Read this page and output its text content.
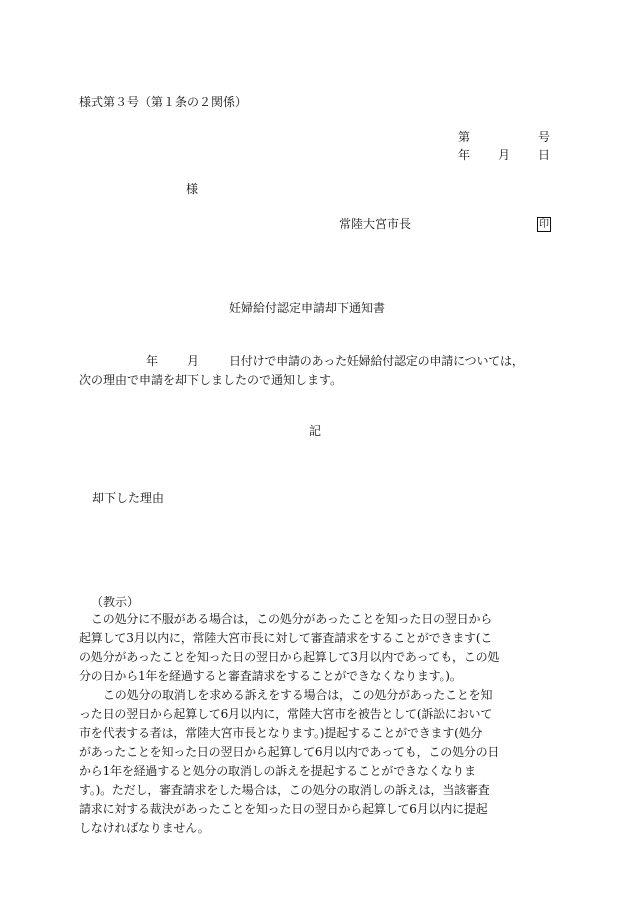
様式第３号（第１条の２関係）
第	号
年 月 日
様
常陸大宮市長	印
妊婦給付認定申請却下通知書
年 月 日付けで申請のあった妊婦給付認定の申請については，
次の理由で申請を却下しましたので通知します。
記
却下した理由
（教示）
この処分に不服がある場合は，この処分があったことを知った日の翌日から
起算して3月以内に，常陸大宮市長に対して審査請求をすることができます(こ
の処分があったことを知った日の翌日から起算して3月以内であっても，この処
分の日から1年を経過すると審査請求をすることができなくなります。)。
この処分の取消しを求める訴えをする場合は，この処分があったことを知
った日の翌日から起算して6月以内に，常陸大宮市を被告として(訴訟において
市を代表する者は，常陸大宮市長となります。)提起することができます(処分
があったことを知った日の翌日から起算して6月以内であっても，この処分の日
から1年を経過すると処分の取消しの訴えを提起することができなくなりま
す。)。ただし，審査請求をした場合は，この処分の取消しの訴えは，当該審査
請求に対する裁決があったことを知った日の翌日から起算して6月以内に提起
しなければなりません。
